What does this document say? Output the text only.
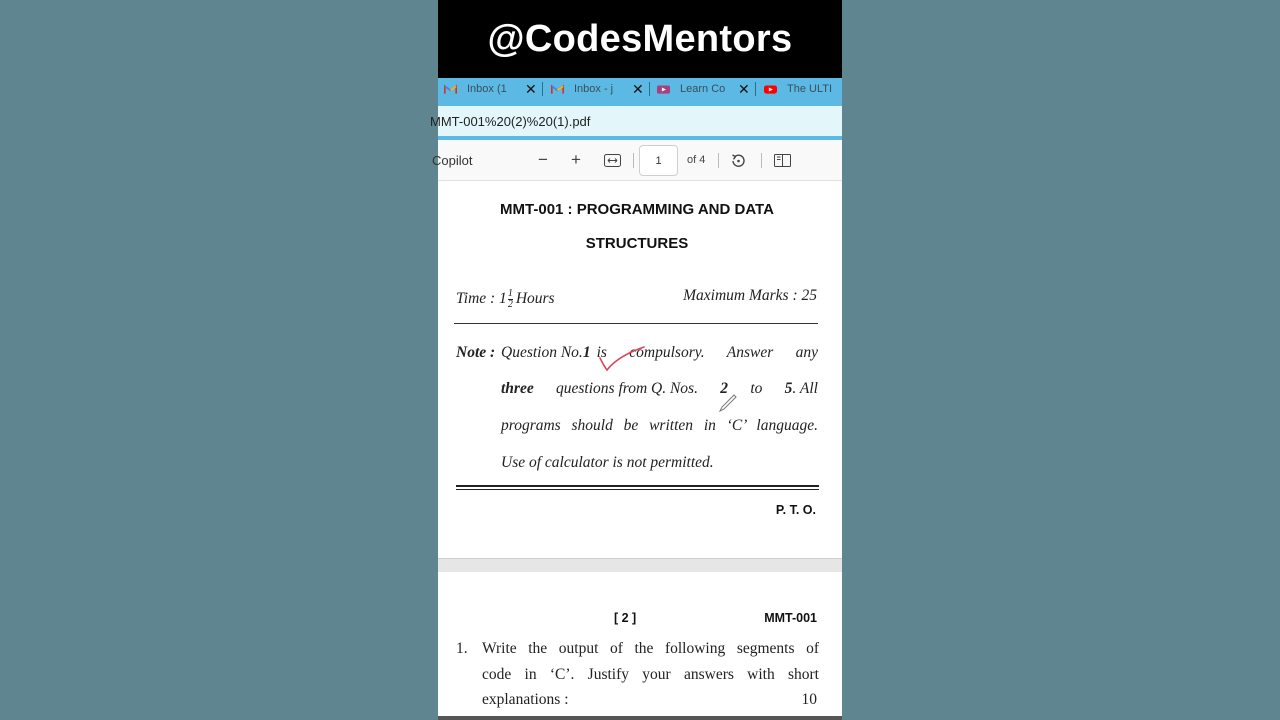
@CodesMentors
Inbox (1	✕	Inbox - j	✕	Learn Co ✕	The ULTI
MMT-001%20(2)%20(1).pdf
Copilot	− +	1 of 4
MMT-001 : PROGRAMMING AND DATA
STRUCTURES
Time : $1 \frac{1}{2}$ Hours	Maximum Marks : 25
Note : Question No. 1 is compulsory. Answer any
three questions from Q. Nos. 2 to 5. All
programs should be written in ‘C’ language.
Use of calculator is not permitted.
P. T. O.
[ 2 ]	MMT-001
1. Write the output of the following segments of
code in ‘C’. Justify your answers with short
explanations :	10
